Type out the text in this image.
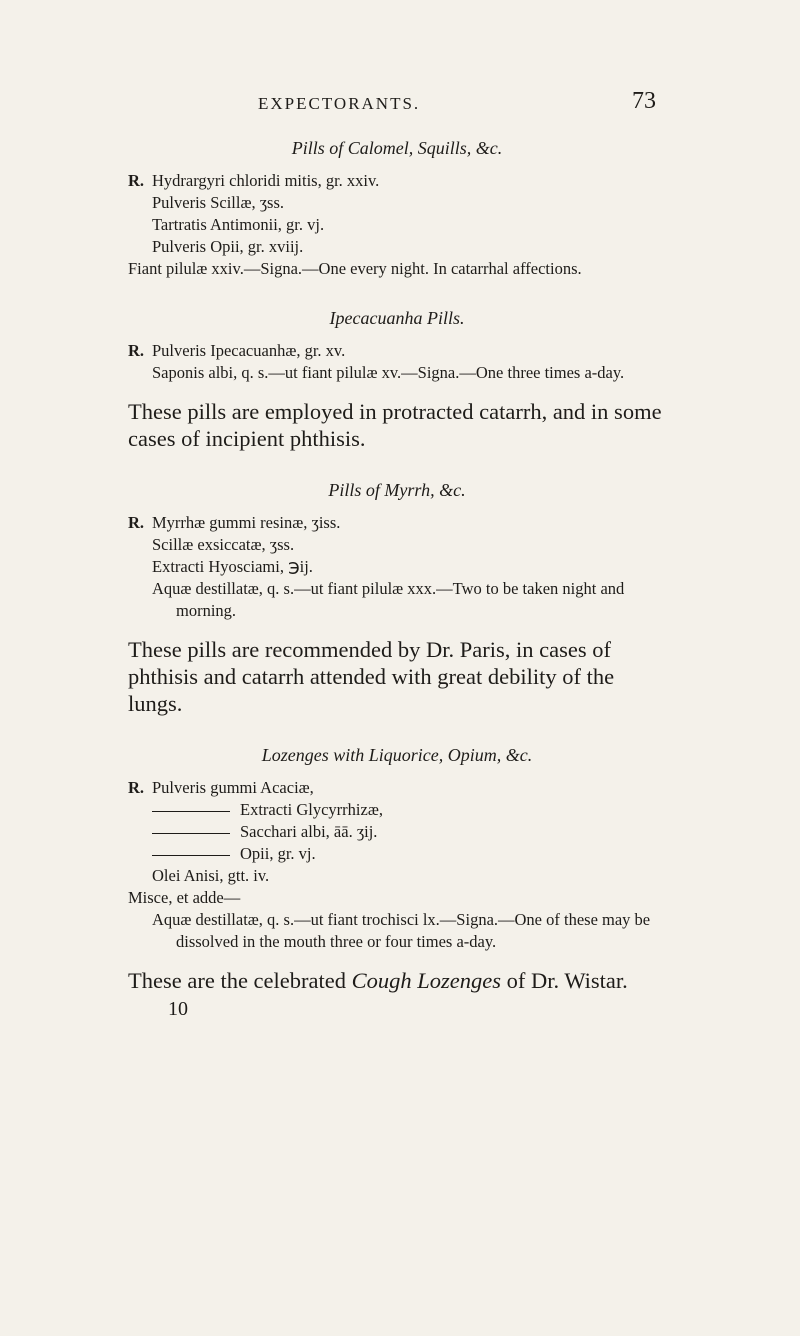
EXPECTORANTS.	73

Pills of Calomel, Squills, &c.

R. Hydrargyri chloridi mitis, gr. xxiv.

Pulveris Scillæ, ʒss.

Tartratis Antimonii, gr. vj.

Pulveris Opii, gr. xviij.

Fiant pilulæ xxiv.—Signa.—One every night. In catarrhal affections.

Ipecacuanha Pills.

R. Pulveris Ipecacuanhæ, gr. xv.

Saponis albi, q. s.—ut fiant pilulæ xv.—Signa.—One three times a-day.

These pills are employed in protracted catarrh, and in some cases of incipient phthisis.

Pills of Myrrh, &c.

R. Myrrhæ gummi resinæ, ʒiss.

Scillæ exsiccatæ, ʒss.

Extracti Hyosciami, ℈ij.

Aquæ destillatæ, q. s.—ut fiant pilulæ xxx.—Two to be taken night and morning.

These pills are recommended by Dr. Paris, in cases of phthisis and catarrh attended with great debility of the lungs.

Lozenges with Liquorice, Opium, &c.

R. Pulveris gummi Acaciæ,

Extracti Glycyrrhizæ,

Sacchari albi, āā. ʒij.

Opii, gr. vj.

Olei Anisi, gtt. iv.

Misce, et adde—

Aquæ destillatæ, q. s.—ut fiant trochisci lx.—Signa.—One of these may be dissolved in the mouth three or four times a-day.

These are the celebrated Cough Lozenges of Dr. Wistar.

10
